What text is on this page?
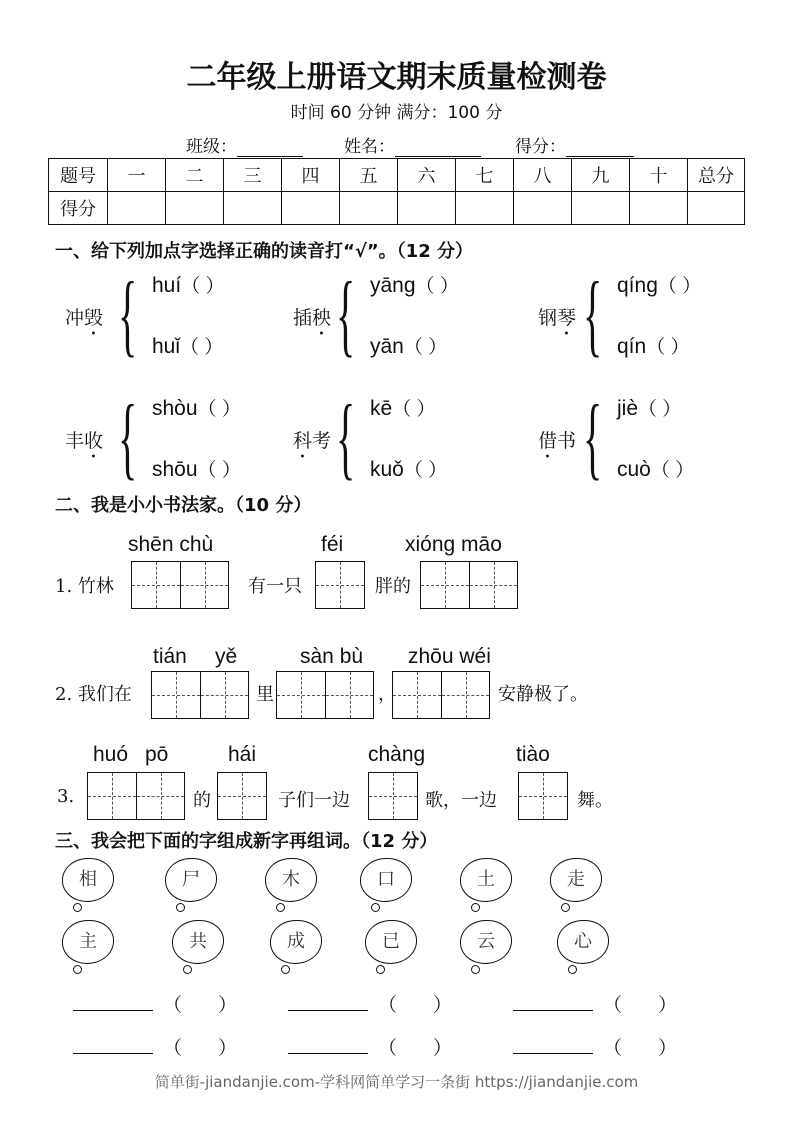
二年级上册语文期末质量检测卷
时间 60 分钟 满分：100 分
班级：	姓名：	得分：
题号	一	二	三	四	五	六	七	八	九	十	总分
得分											
一、给下列加点字选择正确的读音打“√”。（12 分）
冲毁 { huí（ ）
huǐ（ ）
插秧 { yāng（ ）
yān（ ）
钢琴 { qíng（ ）
qín（ ）
丰收 { shòu（ ）
shōu（ ）
科考 { kē（ ）
kuǒ（ ）
借书 { jiè（ ）
cuò（ ）
二、我是小小书法家。（10 分）
shēn chù	féi	xióng māo
1. 竹林	有一只	胖的
tián yě	sàn bù zhōu wéi
2. 我们在	里	，	安静极了。
huó pō	hái	chàng	tiào
3.	的	子们一边	歌，一边	舞。
三、我会把下面的字组成新字再组词。（12 分）
相	尸	木	口	土	走
主	共	成	已	云	心
（ ）	（ ）	（ ）
（ ）	（ ）	（ ）
简单街-jiandanjie.com-学科网简单学习一条街 https://jiandanjie.com
